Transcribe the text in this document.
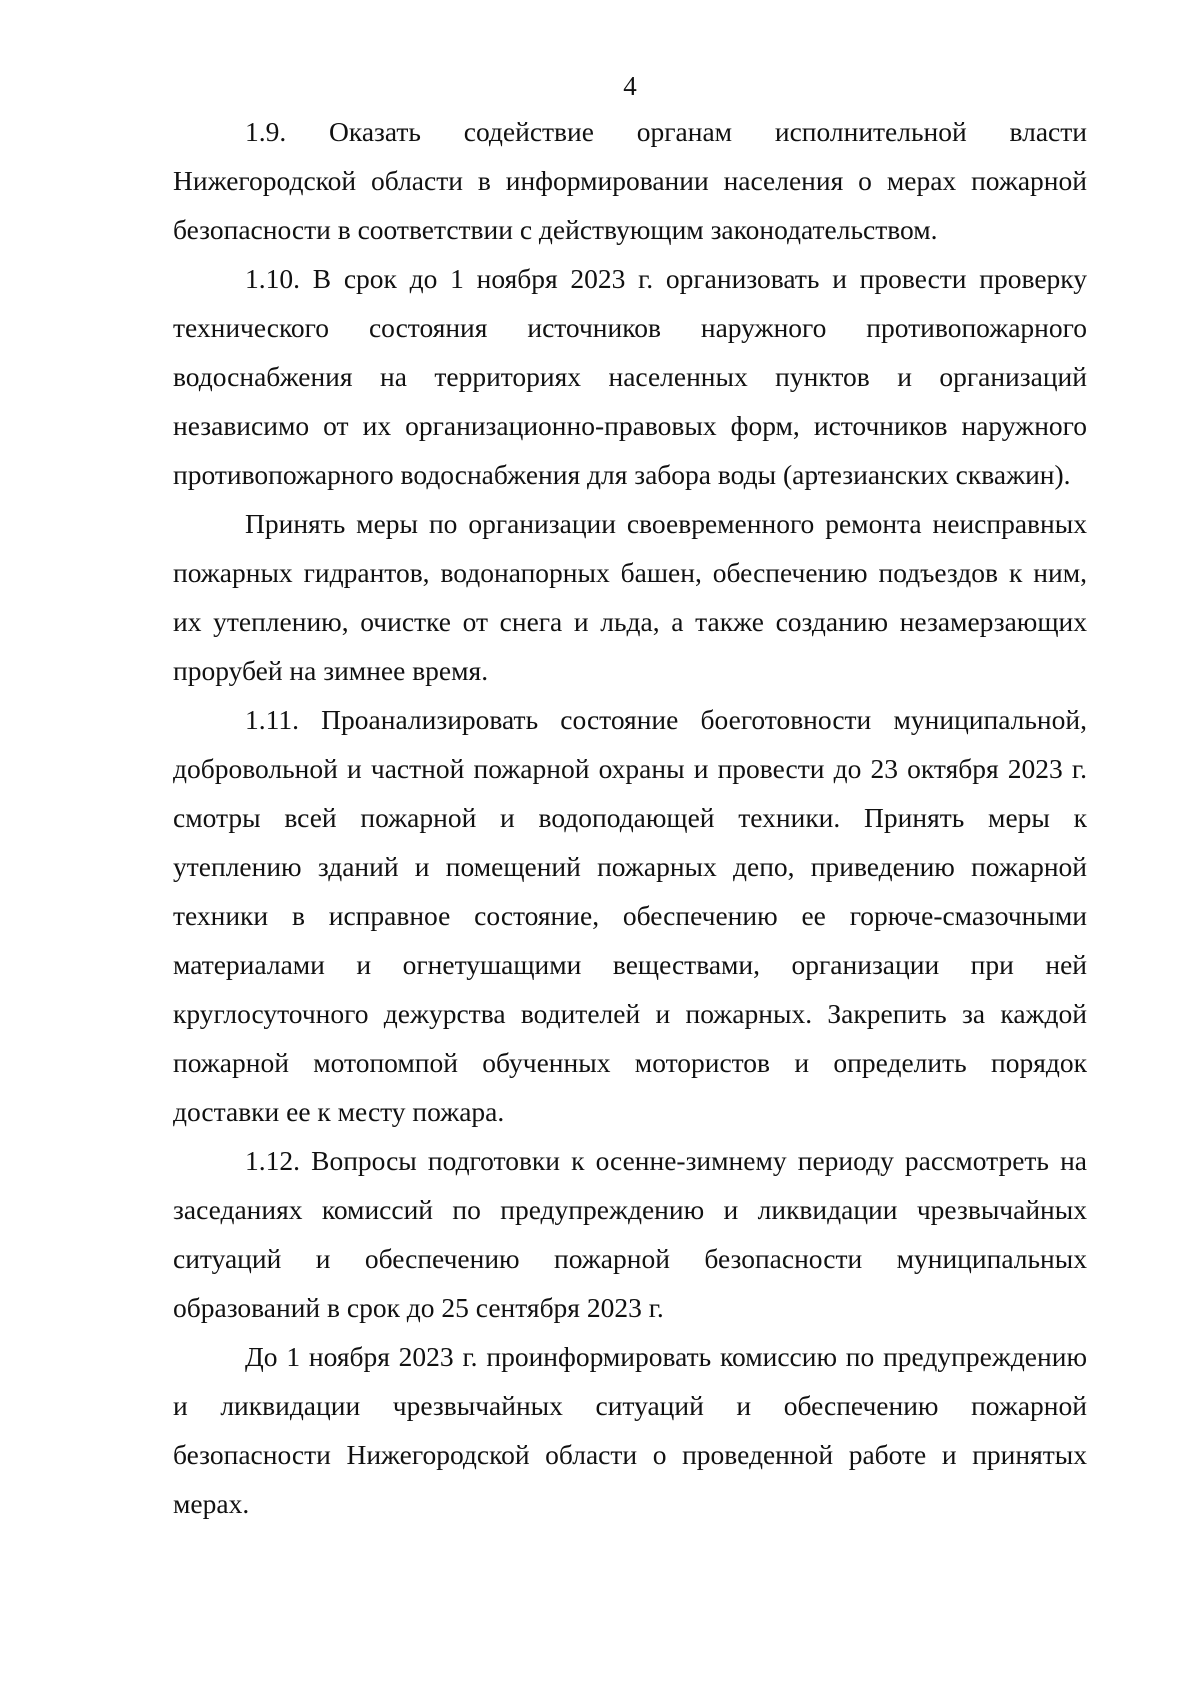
4

1.9. Оказать содействие органам исполнительной власти Нижегородской области в информировании населения о мерах пожарной безопасности в соответствии с действующим законодательством.

1.10. В срок до 1 ноября 2023 г. организовать и провести проверку технического состояния источников наружного противопожарного водоснабжения на территориях населенных пунктов и организаций независимо от их организационно-правовых форм, источников наружного противопожарного водоснабжения для забора воды (артезианских скважин).

Принять меры по организации своевременного ремонта неисправных пожарных гидрантов, водонапорных башен, обеспечению подъездов к ним, их утеплению, очистке от снега и льда, а также созданию незамерзающих прорубей на зимнее время.

1.11. Проанализировать состояние боеготовности муниципальной, добровольной и частной пожарной охраны и провести до 23 октября 2023 г. смотры всей пожарной и водоподающей техники. Принять меры к утеплению зданий и помещений пожарных депо, приведению пожарной техники в исправное состояние, обеспечению ее горюче-смазочными материалами и огнетушащими веществами, организации при ней круглосуточного дежурства водителей и пожарных. Закрепить за каждой пожарной мотопомпой обученных мотористов и определить порядок доставки ее к месту пожара.

1.12. Вопросы подготовки к осенне-зимнему периоду рассмотреть на заседаниях комиссий по предупреждению и ликвидации чрезвычайных ситуаций и обеспечению пожарной безопасности муниципальных образований в срок до 25 сентября 2023 г.

До 1 ноября 2023 г. проинформировать комиссию по предупреждению и ликвидации чрезвычайных ситуаций и обеспечению пожарной безопасности Нижегородской области о проведенной работе и принятых мерах.
